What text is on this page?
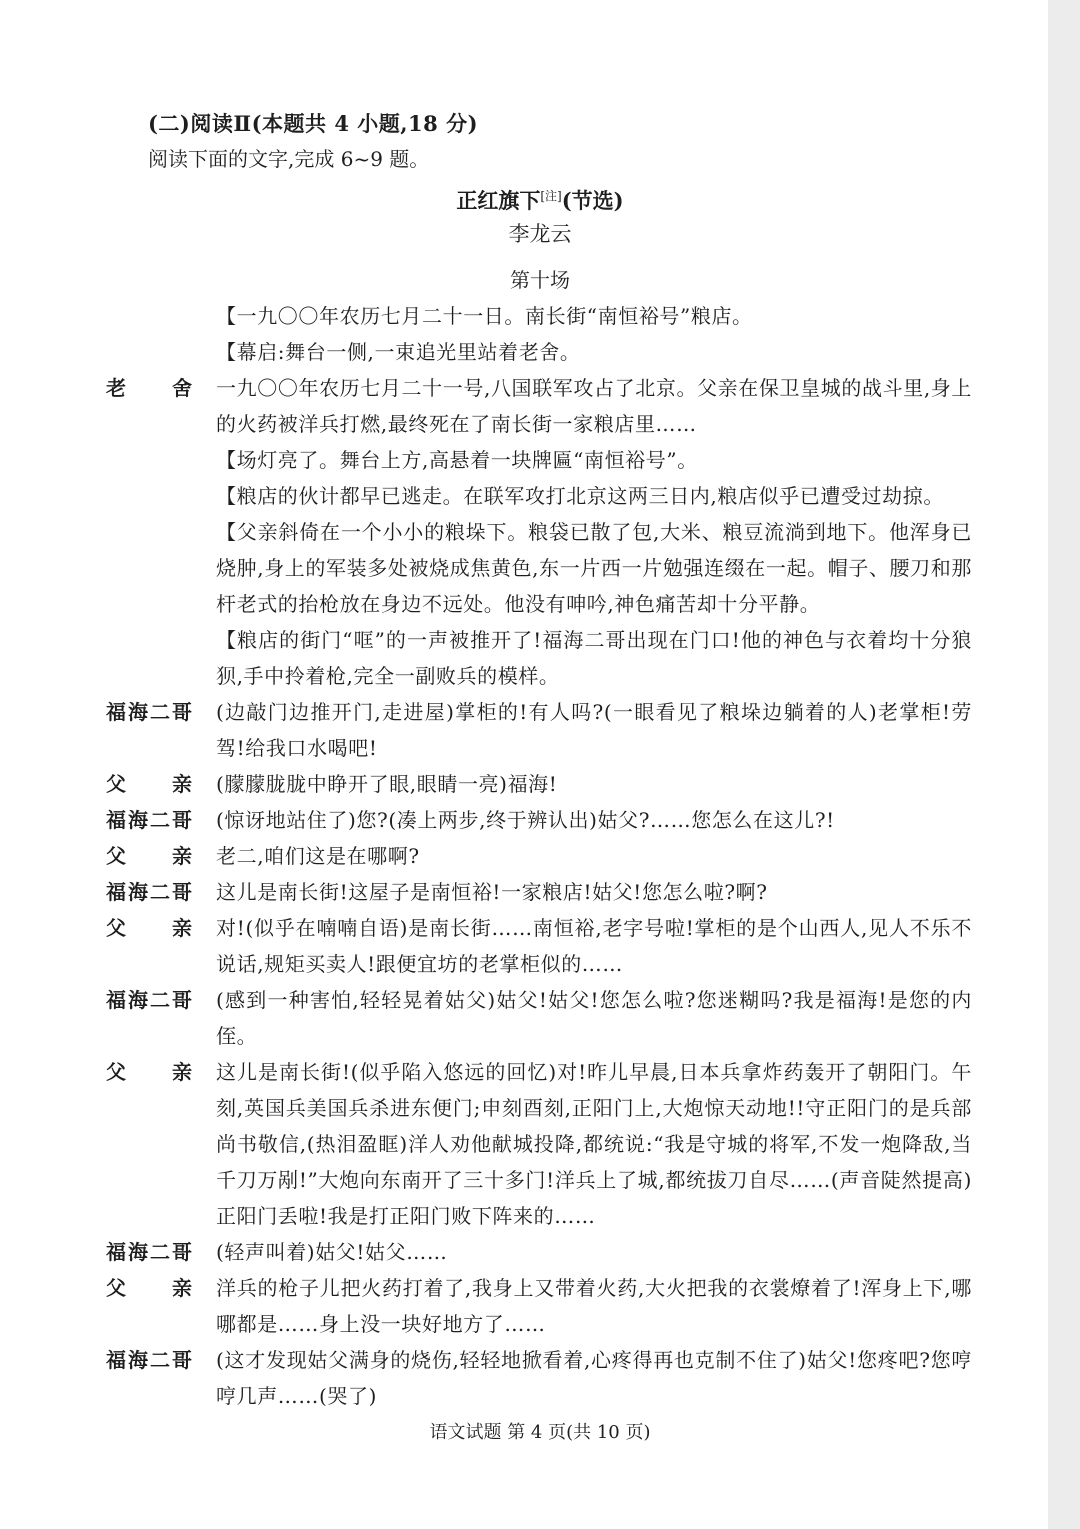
(二)阅读Ⅱ(本题共 4 小题,18 分)
阅读下面的文字,完成 6~9 题。
正红旗下[注](节选)
李龙云
第十场
【一九〇〇年农历七月二十一日。南长街“南恒裕号”粮店。
【幕启:舞台一侧,一束追光里站着老舍。
老舍 一九〇〇年农历七月二十一号,八国联军攻占了北京。父亲在保卫皇城的战斗里,身上的火药被洋兵打燃,最终死在了南长街一家粮店里……
【场灯亮了。舞台上方,高悬着一块牌匾“南恒裕号”。
【粮店的伙计都早已逃走。在联军攻打北京这两三日内,粮店似乎已遭受过劫掠。
【父亲斜倚在一个小小的粮垛下。粮袋已散了包,大米、粮豆流淌到地下。他浑身已烧肿,身上的军装多处被烧成焦黄色,东一片西一片勉强连缀在一起。帽子、腰刀和那杆老式的抬枪放在身边不远处。他没有呻吟,神色痛苦却十分平静。
【粮店的街门“哐”的一声被推开了!福海二哥出现在门口!他的神色与衣着均十分狼狈,手中拎着枪,完全一副败兵的模样。
福海二哥 (边敲门边推开门,走进屋)掌柜的!有人吗?(一眼看见了粮垛边躺着的人)老掌柜!劳驾!给我口水喝吧!
父亲 (朦朦胧胧中睁开了眼,眼睛一亮)福海!
福海二哥 (惊讶地站住了)您?(凑上两步,终于辨认出)姑父?……您怎么在这儿?!
父亲 老二,咱们这是在哪啊?
福海二哥 这儿是南长街!这屋子是南恒裕!一家粮店!姑父!您怎么啦?啊?
父亲 对!(似乎在喃喃自语)是南长街……南恒裕,老字号啦!掌柜的是个山西人,见人不乐不说话,规矩买卖人!跟便宜坊的老掌柜似的……
福海二哥 (感到一种害怕,轻轻晃着姑父)姑父!姑父!您怎么啦?您迷糊吗?我是福海!是您的内侄。
父亲 这儿是南长街!(似乎陷入悠远的回忆)对!昨儿早晨,日本兵拿炸药轰开了朝阳门。午刻,英国兵美国兵杀进东便门;申刻酉刻,正阳门上,大炮惊天动地!!守正阳门的是兵部尚书敬信,(热泪盈眶)洋人劝他献城投降,都统说:“我是守城的将军,不发一炮降敌,当千刀万剐!”大炮向东南开了三十多门!洋兵上了城,都统拔刀自尽……(声音陡然提高)正阳门丢啦!我是打正阳门败下阵来的……
福海二哥 (轻声叫着)姑父!姑父……
父亲 洋兵的枪子儿把火药打着了,我身上又带着火药,大火把我的衣裳燎着了!浑身上下,哪哪都是……身上没一块好地方了……
福海二哥 (这才发现姑父满身的烧伤,轻轻地掀看着,心疼得再也克制不住了)姑父!您疼吧?您哼哼几声……(哭了)
语文试题 第 4 页(共 10 页)
